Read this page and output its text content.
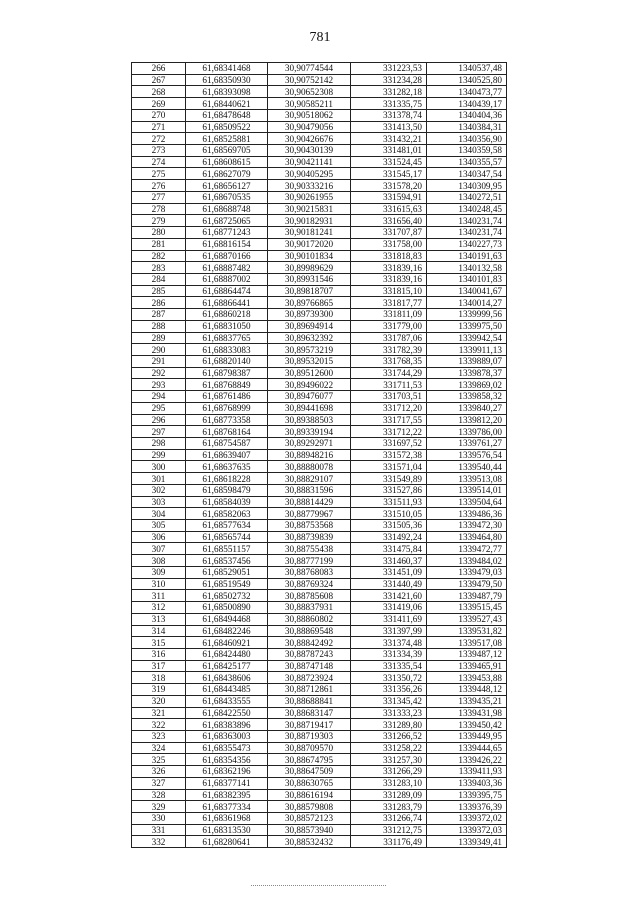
781
266	61,68341468	30,90774544	331223,53	1340537,48
267	61,68350930	30,90752142	331234,28	1340525,80
268	61,68393098	30,90652308	331282,18	1340473,77
269	61,68440621	30,90585211	331335,75	1340439,17
270	61,68478648	30,90518062	331378,74	1340404,36
271	61,68509522	30,90479056	331413,50	1340384,31
272	61,68525881	30,90426676	331432,21	1340356,90
273	61,68569705	30,90430139	331481,01	1340359,58
274	61,68608615	30,90421141	331524,45	1340355,57
275	61,68627079	30,90405295	331545,17	1340347,54
276	61,68656127	30,90333216	331578,20	1340309,95
277	61,68670535	30,90261955	331594,91	1340272,51
278	61,68688748	30,90215831	331615,63	1340248,45
279	61,68725065	30,90182931	331656,40	1340231,74
280	61,68771243	30,90181241	331707,87	1340231,74
281	61,68816154	30,90172020	331758,00	1340227,73
282	61,68870166	30,90101834	331818,83	1340191,63
283	61,68887482	30,89989629	331839,16	1340132,58
284	61,68887002	30,89931546	331839,16	1340101,83
285	61,68864474	30,89818707	331815,10	1340041,67
286	61,68866441	30,89766865	331817,77	1340014,27
287	61,68860218	30,89739300	331811,09	1339999,56
288	61,68831050	30,89694914	331779,00	1339975,50
289	61,68837765	30,89632392	331787,06	1339942,54
290	61,68833083	30,89573219	331782,39	1339911,13
291	61,68820140	30,89532015	331768,35	1339889,07
292	61,68798387	30,89512600	331744,29	1339878,37
293	61,68768849	30,89496022	331711,53	1339869,02
294	61,68761486	30,89476077	331703,51	1339858,32
295	61,68768999	30,89441698	331712,20	1339840,27
296	61,68773358	30,89388503	331717,55	1339812,20
297	61,68768164	30,89339194	331712,22	1339786,00
298	61,68754587	30,89292971	331697,52	1339761,27
299	61,68639407	30,88948216	331572,38	1339576,54
300	61,68637635	30,88880078	331571,04	1339540,44
301	61,68618228	30,88829107	331549,89	1339513,08
302	61,68598479	30,88831596	331527,86	1339514,01
303	61,68584039	30,88814429	331511,93	1339504,64
304	61,68582063	30,88779967	331510,05	1339486,36
305	61,68577634	30,88753568	331505,36	1339472,30
306	61,68565744	30,88739839	331492,24	1339464,80
307	61,68551157	30,88755438	331475,84	1339472,77
308	61,68537456	30,88777199	331460,37	1339484,02
309	61,68529051	30,88768083	331451,09	1339479,03
310	61,68519549	30,88769324	331440,49	1339479,50
311	61,68502732	30,88785608	331421,60	1339487,79
312	61,68500890	30,88837931	331419,06	1339515,45
313	61,68494468	30,88860802	331411,69	1339527,43
314	61,68482246	30,88869548	331397,99	1339531,82
315	61,68460921	30,88842492	331374,48	1339517,08
316	61,68424480	30,88787243	331334,39	1339487,12
317	61,68425177	30,88747148	331335,54	1339465,91
318	61,68438606	30,88723924	331350,72	1339453,88
319	61,68443485	30,88712861	331356,26	1339448,12
320	61,68433555	30,88688841	331345,42	1339435,21
321	61,68422550	30,88683147	331333,23	1339431,98
322	61,68383896	30,88719417	331289,80	1339450,42
323	61,68363003	30,88719303	331266,52	1339449,95
324	61,68355473	30,88709570	331258,22	1339444,65
325	61,68354356	30,88674795	331257,30	1339426,22
326	61,68362196	30,88647509	331266,29	1339411,93
327	61,68377141	30,88630765	331283,10	1339403,36
328	61,68382395	30,88616194	331289,09	1339395,75
329	61,68377334	30,88579808	331283,79	1339376,39
330	61,68361968	30,88572123	331266,74	1339372,02
331	61,68313530	30,88573940	331212,75	1339372,03
332	61,68280641	30,88532432	331176,49	1339349,41
